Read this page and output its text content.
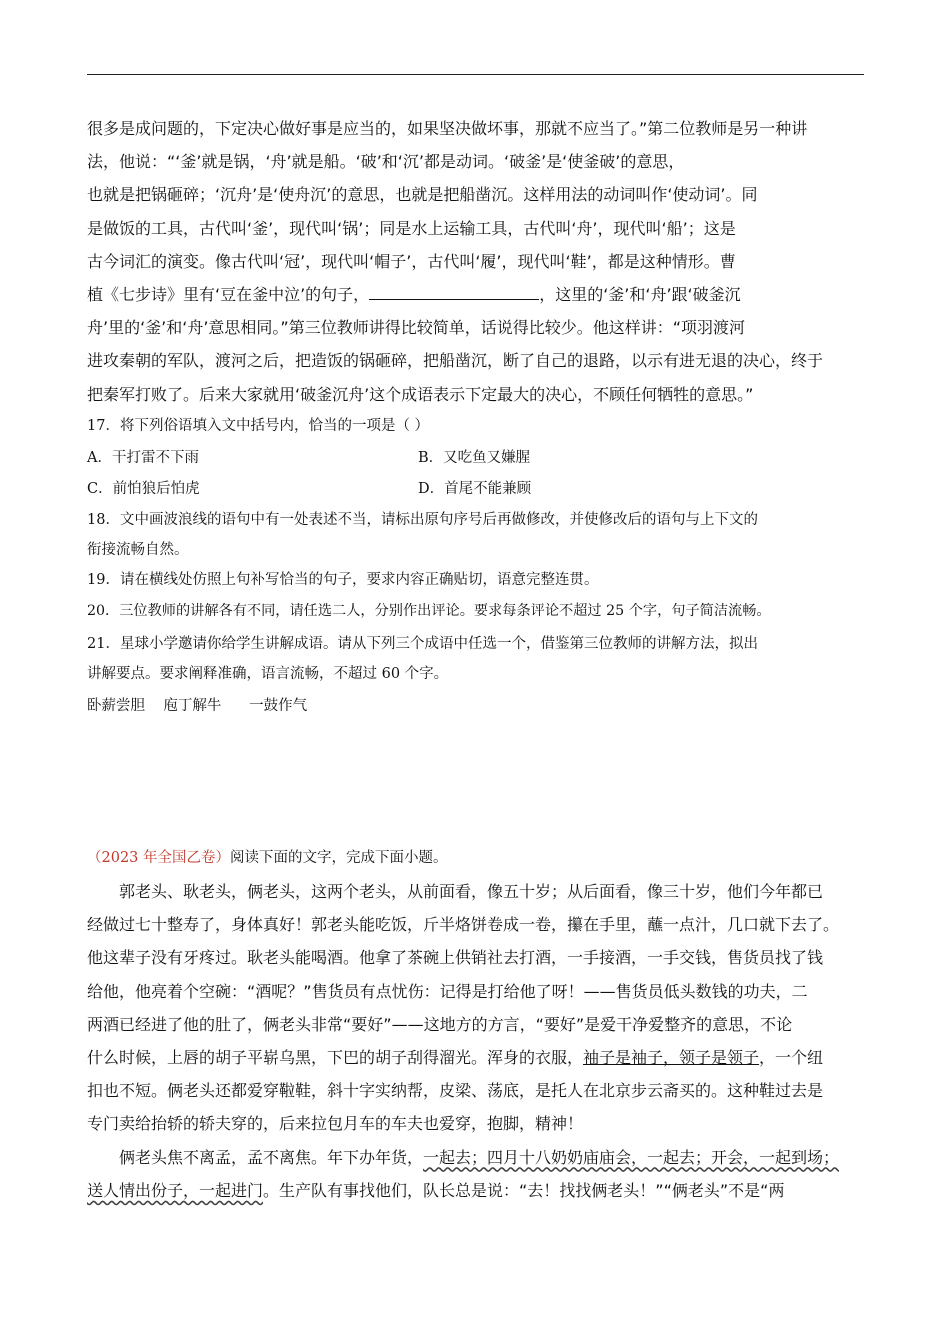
很多是成问题的，下定决心做好事是应当的，如果坚决做坏事，那就不应当了。”第二位教师是另一种讲
法，他说：“‘釜’就是锅，‘舟’就是船。‘破’和‘沉’都是动词。‘破釜’是‘使釜破’的意思，
也就是把锅砸碎；‘沉舟’是‘使舟沉’的意思，也就是把船凿沉。这样用法的动词叫作‘使动词’。同
是做饭的工具，古代叫‘釜’，现代叫‘锅’；同是水上运输工具，古代叫‘舟’，现代叫‘船’；这是
古今词汇的演变。像古代叫‘冠’，现代叫‘帽子’，古代叫‘履’，现代叫‘鞋’，都是这种情形。曹
植《七步诗》里有‘豆在釜中泣’的句子，	，这里的‘釜’和‘舟’跟‘破釜沉
舟’里的‘釜’和‘舟’意思相同。”第三位教师讲得比较简单，话说得比较少。他这样讲：“项羽渡河
进攻秦朝的军队，渡河之后，把造饭的锅砸碎，把船凿沉，断了自己的退路，以示有进无退的决心，终于
把秦军打败了。后来大家就用‘破釜沉舟’这个成语表示下定最大的决心，不顾任何牺牲的意思。”
17．将下列俗语填入文中括号内，恰当的一项是（ ）
A．干打雷不下雨	B．又吃鱼又嫌腥
C．前怕狼后怕虎	D．首尾不能兼顾
18．文中画波浪线的语句中有一处表述不当，请标出原句序号后再做修改，并使修改后的语句与上下文的
衔接流畅自然。
19．请在横线处仿照上句补写恰当的句子，要求内容正确贴切，语意完整连贯。
20．三位教师的讲解各有不同，请任选二人，分别作出评论。要求每条评论不超过 25 个字，句子简洁流畅。
21．星球小学邀请你给学生讲解成语。请从下列三个成语中任选一个，借鉴第三位教师的讲解方法，拟出
讲解要点。要求阐释准确，语言流畅，不超过 60 个字。
卧薪尝胆    庖丁解牛      一鼓作气
（2023 年全国乙卷）阅读下面的文字，完成下面小题。
郭老头、耿老头，俩老头，这两个老头，从前面看，像五十岁；从后面看，像三十岁，他们今年都已
经做过七十整寿了，身体真好！郭老头能吃饭，斤半烙饼卷成一卷，攥在手里，蘸一点汁，几口就下去了。
他这辈子没有牙疼过。耿老头能喝酒。他拿了茶碗上供销社去打酒，一手接酒，一手交钱，售货员找了钱
给他，他亮着个空碗：“酒呢？”售货员有点忧伤：记得是打给他了呀！——售货员低头数钱的功夫，二
两酒已经进了他的肚了，俩老头非常“要好”——这地方的方言，“要好”是爱干净爱整齐的意思，不论
什么时候，上唇的胡子平崭乌黑，下巴的胡子刮得溜光。浑身的衣服，袖子是袖子，领子是领子，一个纽
扣也不短。俩老头还都爱穿鞡鞋，斜十字实纳帮，皮梁、荡底，是托人在北京步云斋买的。这种鞋过去是
专门卖给抬轿的轿夫穿的，后来拉包月车的车夫也爱穿，抱脚，精神！
俩老头焦不离孟，孟不离焦。年下办年货，一起去；四月十八奶奶庙庙会，一起去；开会，一起到场；
送人情出份子，一起进门。生产队有事找他们，队长总是说：“去！找找俩老头！”“俩老头”不是“两
